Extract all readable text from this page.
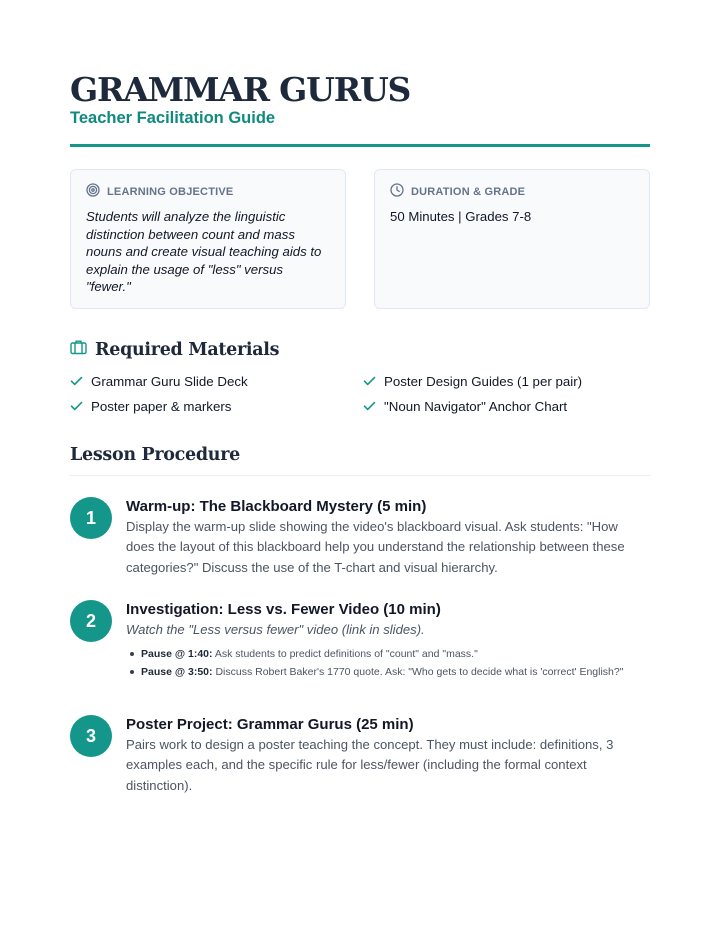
GRAMMAR GURUS
Teacher Facilitation Guide
LEARNING OBJECTIVE
Students will analyze the linguistic distinction between count and mass nouns and create visual teaching aids to explain the usage of "less" versus "fewer."
DURATION & GRADE
50 Minutes | Grades 7-8
Required Materials
Grammar Guru Slide Deck	Poster Design Guides (1 per pair)
Poster paper & markers	"Noun Navigator" Anchor Chart
Lesson Procedure
1
Warm-up: The Blackboard Mystery (5 min)
Display the warm-up slide showing the video's blackboard visual. Ask students: "How does the layout of this blackboard help you understand the relationship between these categories?" Discuss the use of the T-chart and visual hierarchy.
2
Investigation: Less vs. Fewer Video (10 min)
Watch the "Less versus fewer" video (link in slides).
Pause @ 1:40: Ask students to predict definitions of "count" and "mass."
Pause @ 3:50: Discuss Robert Baker's 1770 quote. Ask: "Who gets to decide what is 'correct' English?"
3
Poster Project: Grammar Gurus (25 min)
Pairs work to design a poster teaching the concept. They must include: definitions, 3 examples each, and the specific rule for less/fewer (including the formal context distinction).
